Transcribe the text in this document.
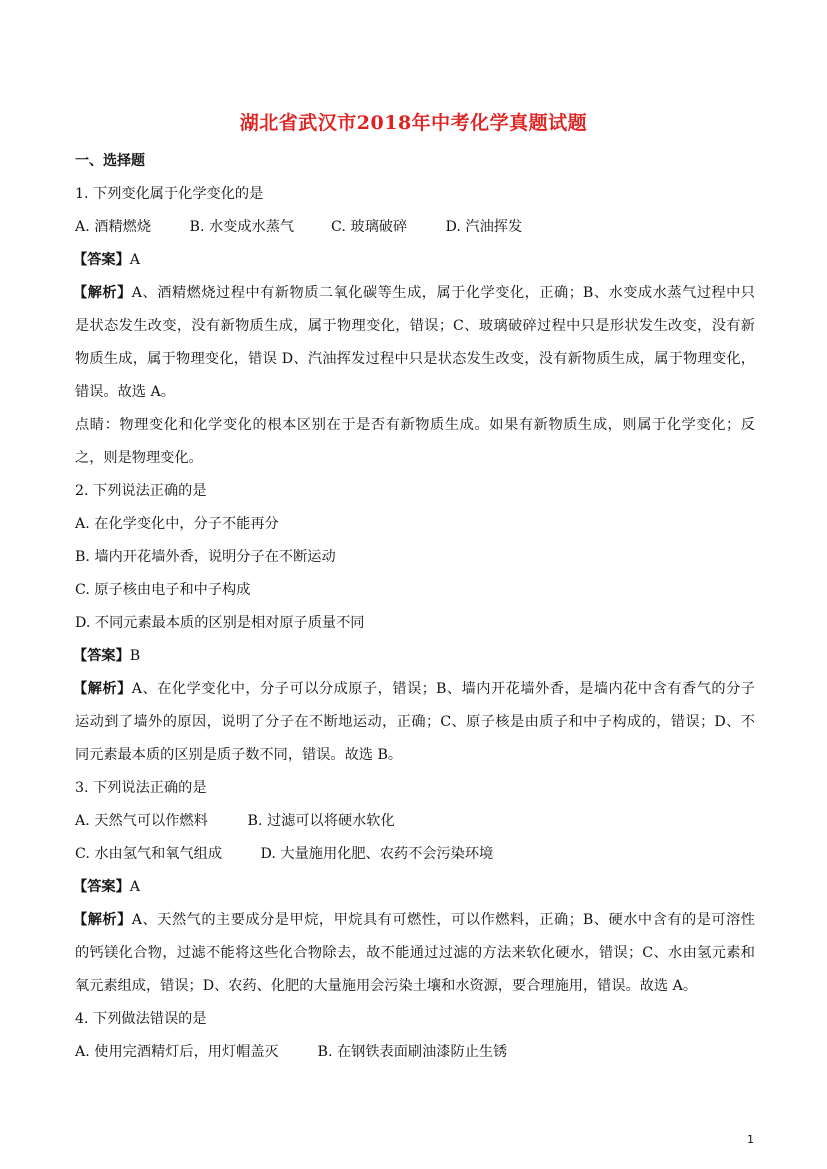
湖北省武汉市2018年中考化学真题试题
一、选择题
1. 下列变化属于化学变化的是
A. 酒精燃烧	B. 水变成水蒸气	C. 玻璃破碎	D. 汽油挥发
【答案】A
【解析】A、酒精燃烧过程中有新物质二氧化碳等生成，属于化学变化，正确；B、水变成水蒸气过程中只
是状态发生改变，没有新物质生成，属于物理变化，错误；C、玻璃破碎过程中只是形状发生改变，没有新
物质生成，属于物理变化，错误 D、汽油挥发过程中只是状态发生改变，没有新物质生成，属于物理变化，
错误。故选 A。
点睛：物理变化和化学变化的根本区别在于是否有新物质生成。如果有新物质生成，则属于化学变化；反
之，则是物理变化。
2. 下列说法正确的是
A. 在化学变化中，分子不能再分
B. 墙内开花墙外香，说明分子在不断运动
C. 原子核由电子和中子构成
D. 不同元素最本质的区别是相对原子质量不同
【答案】B
【解析】A、在化学变化中，分子可以分成原子，错误；B、墙内开花墙外香，是墙内花中含有香气的分子
运动到了墙外的原因，说明了分子在不断地运动，正确；C、原子核是由质子和中子构成的，错误；D、不
同元素最本质的区别是质子数不同，错误。故选 B。
3. 下列说法正确的是
A. 天然气可以作燃料	B. 过滤可以将硬水软化
C. 水由氢气和氧气组成	D. 大量施用化肥、农药不会污染环境
【答案】A
【解析】A、天然气的主要成分是甲烷，甲烷具有可燃性，可以作燃料，正确；B、硬水中含有的是可溶性
的钙镁化合物，过滤不能将这些化合物除去，故不能通过过滤的方法来软化硬水，错误；C、水由氢元素和
氧元素组成，错误；D、农药、化肥的大量施用会污染土壤和水资源，要合理施用，错误。故选 A。
4. 下列做法错误的是
A. 使用完酒精灯后，用灯帽盖灭	B. 在钢铁表面刷油漆防止生锈
1
